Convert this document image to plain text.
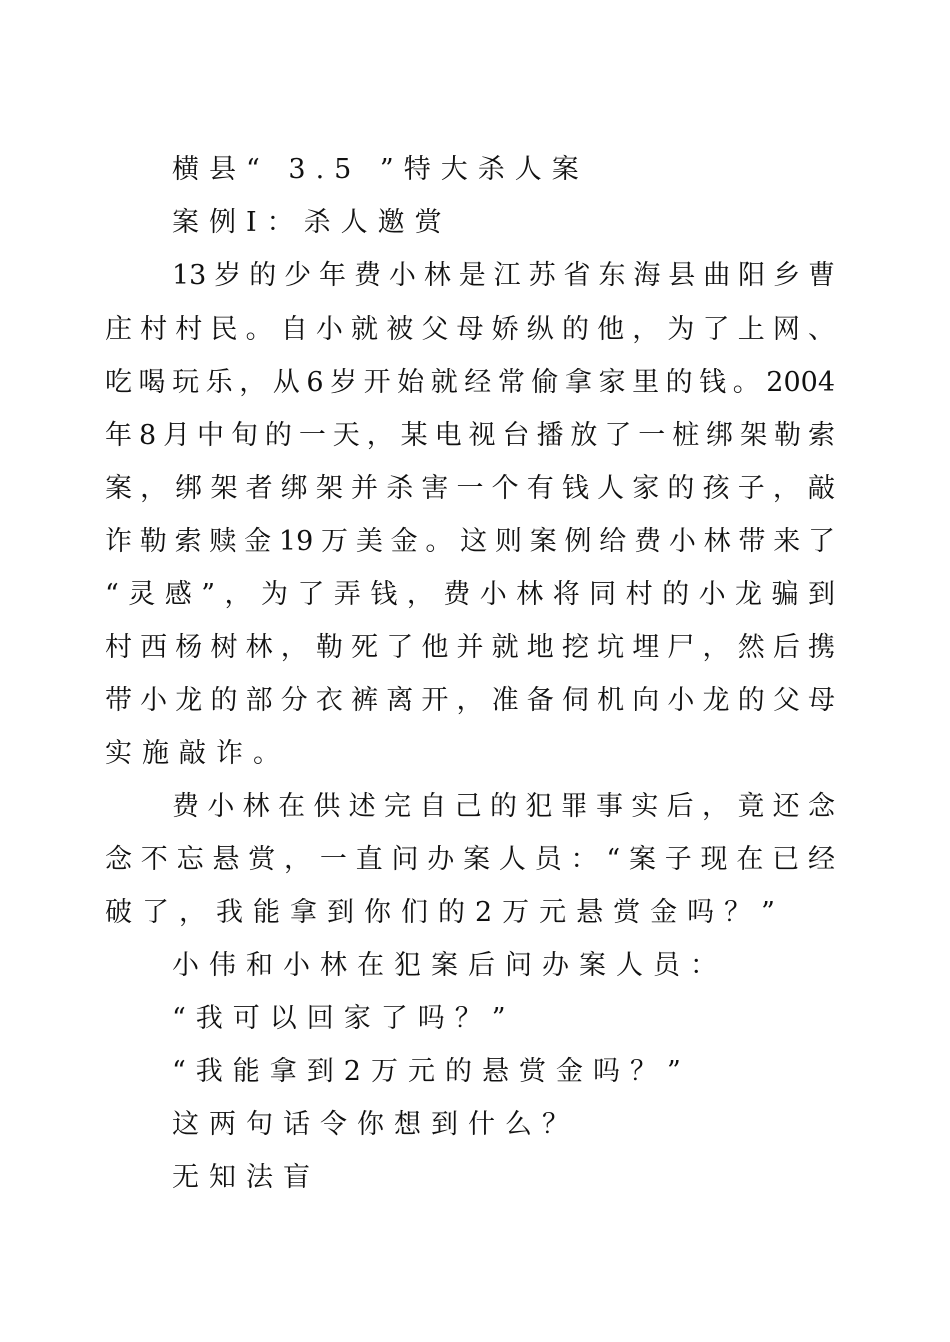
横县“ 3.5 ”特大杀人案
案例Ⅰ：杀人邀赏
13岁的少年费小林是江苏省东海县曲阳乡曹
庄村村民。自小就被父母娇纵的他，为了上网、
吃喝玩乐，从6岁开始就经常偷拿家里的钱。2004
年8月中旬的一天，某电视台播放了一桩绑架勒索
案，绑架者绑架并杀害一个有钱人家的孩子，敲
诈勒索赎金19万美金。这则案例给费小林带来了
“灵感”，为了弄钱，费小林将同村的小龙骗到
村西杨树林，勒死了他并就地挖坑埋尸，然后携
带小龙的部分衣裤离开，准备伺机向小龙的父母
实施敲诈。
费小林在供述完自己的犯罪事实后，竟还念
念不忘悬赏，一直问办案人员：“案子现在已经
破了，我能拿到你们的2万元悬赏金吗？”
小伟和小林在犯案后问办案人员：
“我可以回家了吗？”
“我能拿到2万元的悬赏金吗？”
这两句话令你想到什么？
无知法盲
